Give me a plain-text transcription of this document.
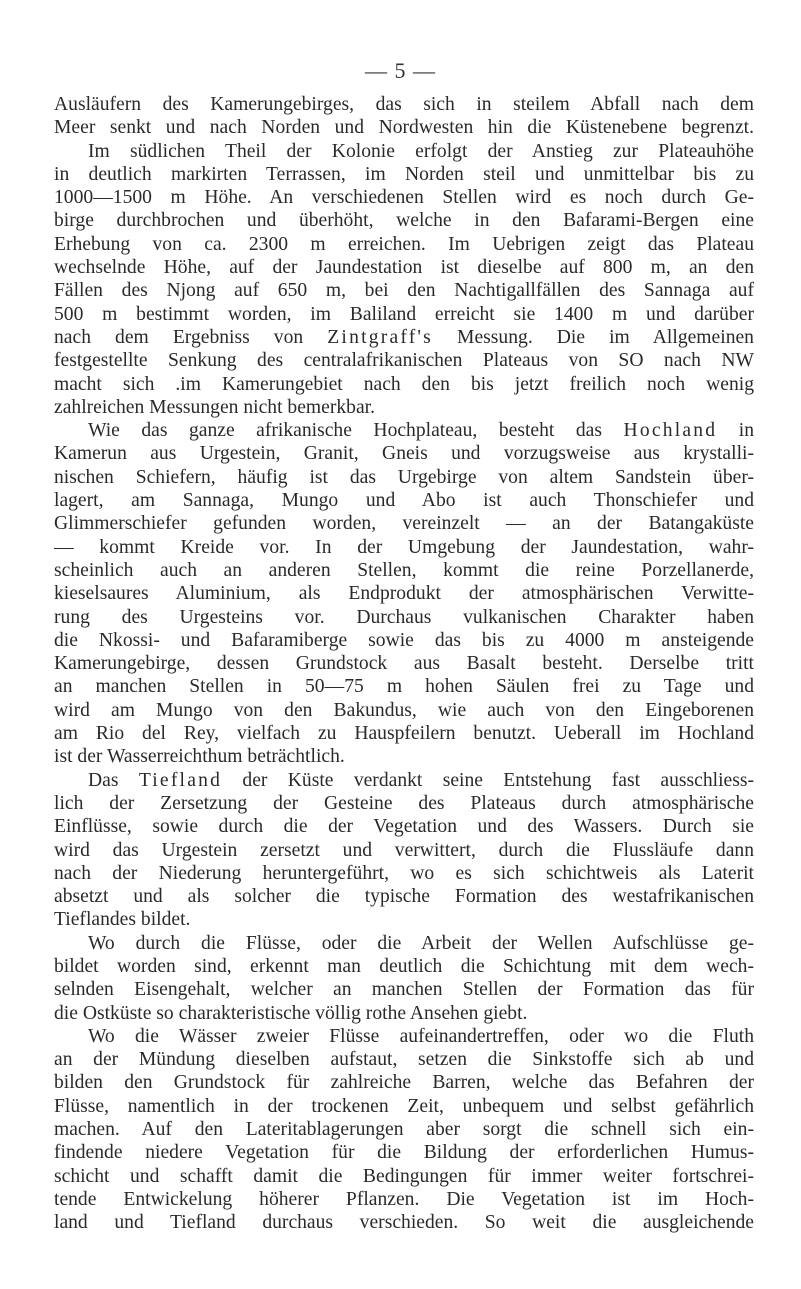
— 5 —
Ausläufern des Kamerungebirges, das sich in steilem Abfall nach dem
Meer senkt und nach Norden und Nordwesten hin die Küstenebene begrenzt.
Im südlichen Theil der Kolonie erfolgt der Anstieg zur Plateauhöhe
in deutlich markirten Terrassen, im Norden steil und unmittelbar bis zu
1000—1500 m Höhe. An verschiedenen Stellen wird es noch durch Ge-
birge durchbrochen und überhöht, welche in den Bafarami-Bergen eine
Erhebung von ca. 2300 m erreichen. Im Uebrigen zeigt das Plateau
wechselnde Höhe, auf der Jaundestation ist dieselbe auf 800 m, an den
Fällen des Njong auf 650 m, bei den Nachtigallfällen des Sannaga auf
500 m bestimmt worden, im Baliland erreicht sie 1400 m und darüber
nach dem Ergebniss von Zintgraff's Messung. Die im Allgemeinen
festgestellte Senkung des centralafrikanischen Plateaus von SO nach NW
macht sich .im Kamerungebiet nach den bis jetzt freilich noch wenig
zahlreichen Messungen nicht bemerkbar.
Wie das ganze afrikanische Hochplateau, besteht das Hochland in
Kamerun aus Urgestein, Granit, Gneis und vorzugsweise aus krystalli-
nischen Schiefern, häufig ist das Urgebirge von altem Sandstein über-
lagert, am Sannaga, Mungo und Abo ist auch Thonschiefer und
Glimmerschiefer gefunden worden, vereinzelt — an der Batangaküste
— kommt Kreide vor. In der Umgebung der Jaundestation, wahr-
scheinlich auch an anderen Stellen, kommt die reine Porzellanerde,
kieselsaures Aluminium, als Endprodukt der atmosphärischen Verwitte-
rung des Urgesteins vor. Durchaus vulkanischen Charakter haben
die Nkossi- und Bafaramiberge sowie das bis zu 4000 m ansteigende
Kamerungebirge, dessen Grundstock aus Basalt besteht. Derselbe tritt
an manchen Stellen in 50—75 m hohen Säulen frei zu Tage und
wird am Mungo von den Bakundus, wie auch von den Eingeborenen
am Rio del Rey, vielfach zu Hauspfeilern benutzt. Ueberall im Hochland
ist der Wasserreichthum beträchtlich.
Das Tiefland der Küste verdankt seine Entstehung fast ausschliess-
lich der Zersetzung der Gesteine des Plateaus durch atmosphärische
Einflüsse, sowie durch die der Vegetation und des Wassers. Durch sie
wird das Urgestein zersetzt und verwittert, durch die Flussläufe dann
nach der Niederung heruntergeführt, wo es sich schichtweis als Laterit
absetzt und als solcher die typische Formation des westafrikanischen
Tieflandes bildet.
Wo durch die Flüsse, oder die Arbeit der Wellen Aufschlüsse ge-
bildet worden sind, erkennt man deutlich die Schichtung mit dem wech-
selnden Eisengehalt, welcher an manchen Stellen der Formation das für
die Ostküste so charakteristische völlig rothe Ansehen giebt.
Wo die Wässer zweier Flüsse aufeinandertreffen, oder wo die Fluth
an der Mündung dieselben aufstaut, setzen die Sinkstoffe sich ab und
bilden den Grundstock für zahlreiche Barren, welche das Befahren der
Flüsse, namentlich in der trockenen Zeit, unbequem und selbst gefährlich
machen. Auf den Lateritablagerungen aber sorgt die schnell sich ein-
findende niedere Vegetation für die Bildung der erforderlichen Humus-
schicht und schafft damit die Bedingungen für immer weiter fortschrei-
tende Entwickelung höherer Pflanzen. Die Vegetation ist im Hoch-
land und Tiefland durchaus verschieden. So weit die ausgleichende
